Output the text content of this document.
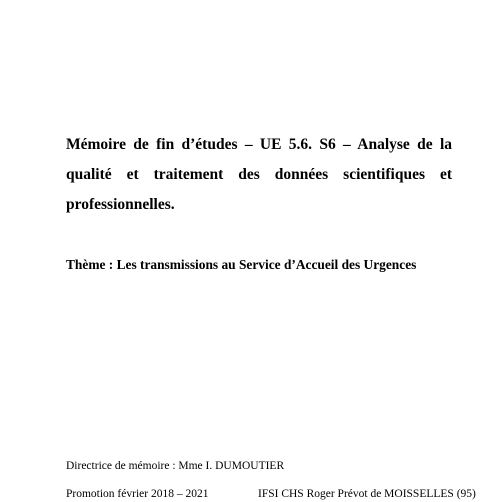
Mémoire de fin d’études – UE 5.6. S6 – Analyse de la
qualité et traitement des données scientifiques et
professionnelles.
Thème : Les transmissions au Service d’Accueil des Urgences
Directrice de mémoire : Mme I. DUMOUTIER
Promotion février 2018 – 2021	IFSI CHS Roger Prévot de MOISSELLES (95)
